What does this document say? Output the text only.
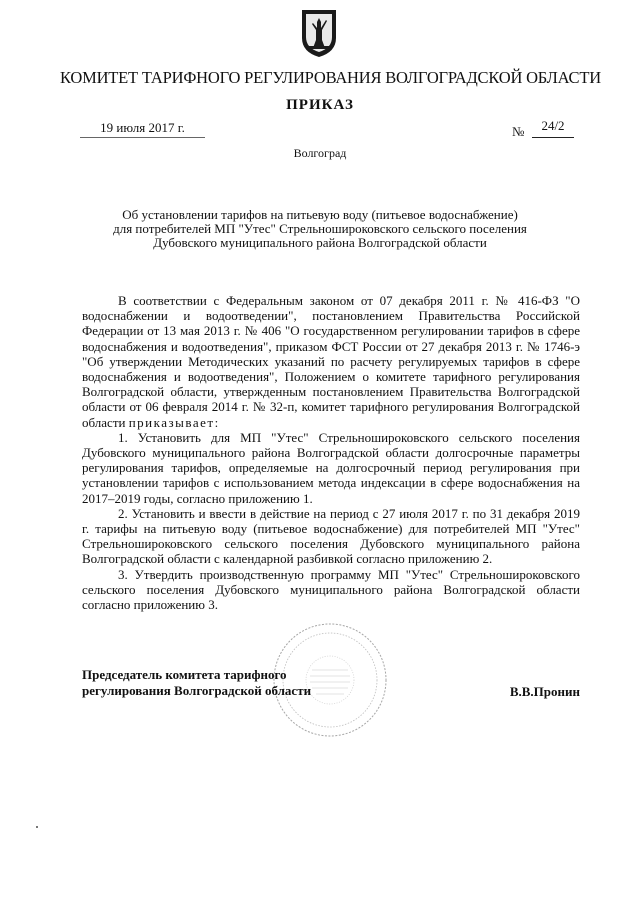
КОМИТЕТ ТАРИФНОГО РЕГУЛИРОВАНИЯ ВОЛГОГРАДСКОЙ ОБЛАСТИ
ПРИКАЗ
19 июля 2017 г.	№	24/2
Волгоград
Об установлении тарифов на питьевую воду (питьевое водоснабжение)
для потребителей МП "Утес" Стрельношироковского сельского поселения
Дубовского муниципального района Волгоградской области

В соответствии с Федеральным законом от 07 декабря 2011 г. № 416-ФЗ "О водоснабжении и водоотведении", постановлением Правительства Российской Федерации от 13 мая 2013 г. № 406 "О государственном регулировании тарифов в сфере водоснабжения и водоотведения", приказом ФСТ России от 27 декабря 2013 г. № 1746-э "Об утверждении Методических указаний по расчету регулируемых тарифов в сфере водоснабжения и водоотведения", Положением о комитете тарифного регулирования Волгоградской области, утвержденным постановлением Правительства Волгоградской области от 06 февраля 2014 г. № 32-п, комитет тарифного регулирования Волгоградской области приказывает:

1. Установить для МП "Утес" Стрельношироковского сельского поселения Дубовского муниципального района Волгоградской области долгосрочные параметры регулирования тарифов, определяемые на долгосрочный период регулирования при установлении тарифов с использованием метода индексации в сфере водоснабжения на 2017–2019 годы, согласно приложению 1.

2. Установить и ввести в действие на период с 27 июля 2017 г. по 31 декабря 2019 г. тарифы на питьевую воду (питьевое водоснабжение) для потребителей МП "Утес" Стрельношироковского сельского поселения Дубовского муниципального района Волгоградской области с календарной разбивкой согласно приложению 2.

3. Утвердить производственную программу МП "Утес" Стрельношироковского сельского поселения Дубовского муниципального района Волгоградской области согласно приложению 3.

Председатель комитета тарифного
регулирования Волгоградской области	В.В.Пронин
